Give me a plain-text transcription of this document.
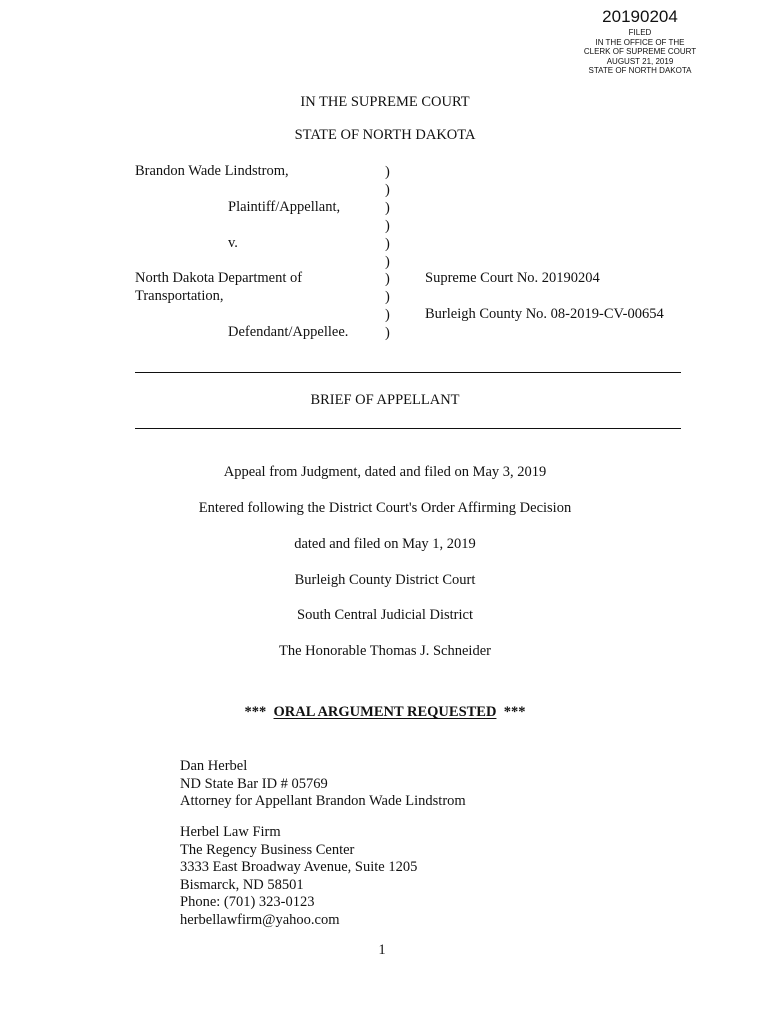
20190204
FILED
IN THE OFFICE OF THE
CLERK OF SUPREME COURT
AUGUST 21, 2019
STATE OF NORTH DAKOTA
IN THE SUPREME COURT
STATE OF NORTH DAKOTA
Brandon Wade Lindstrom,
Plaintiff/Appellant,
v.
North Dakota Department of
Transportation,
Defendant/Appellee.
)
)
)
)
)
)
)
)
)
)
Supreme Court No. 20190204
Burleigh County No. 08-2019-CV-00654
BRIEF OF APPELLANT
Appeal from Judgment, dated and filed on May 3, 2019
Entered following the District Court's Order Affirming Decision
dated and filed on May 1, 2019
Burleigh County District Court
South Central Judicial District
The Honorable Thomas J. Schneider
*** ORAL ARGUMENT REQUESTED ***
Dan Herbel
ND State Bar ID # 05769
Attorney for Appellant Brandon Wade Lindstrom
Herbel Law Firm
The Regency Business Center
3333 East Broadway Avenue, Suite 1205
Bismarck, ND 58501
Phone: (701) 323-0123
herbellawfirm@yahoo.com
1
